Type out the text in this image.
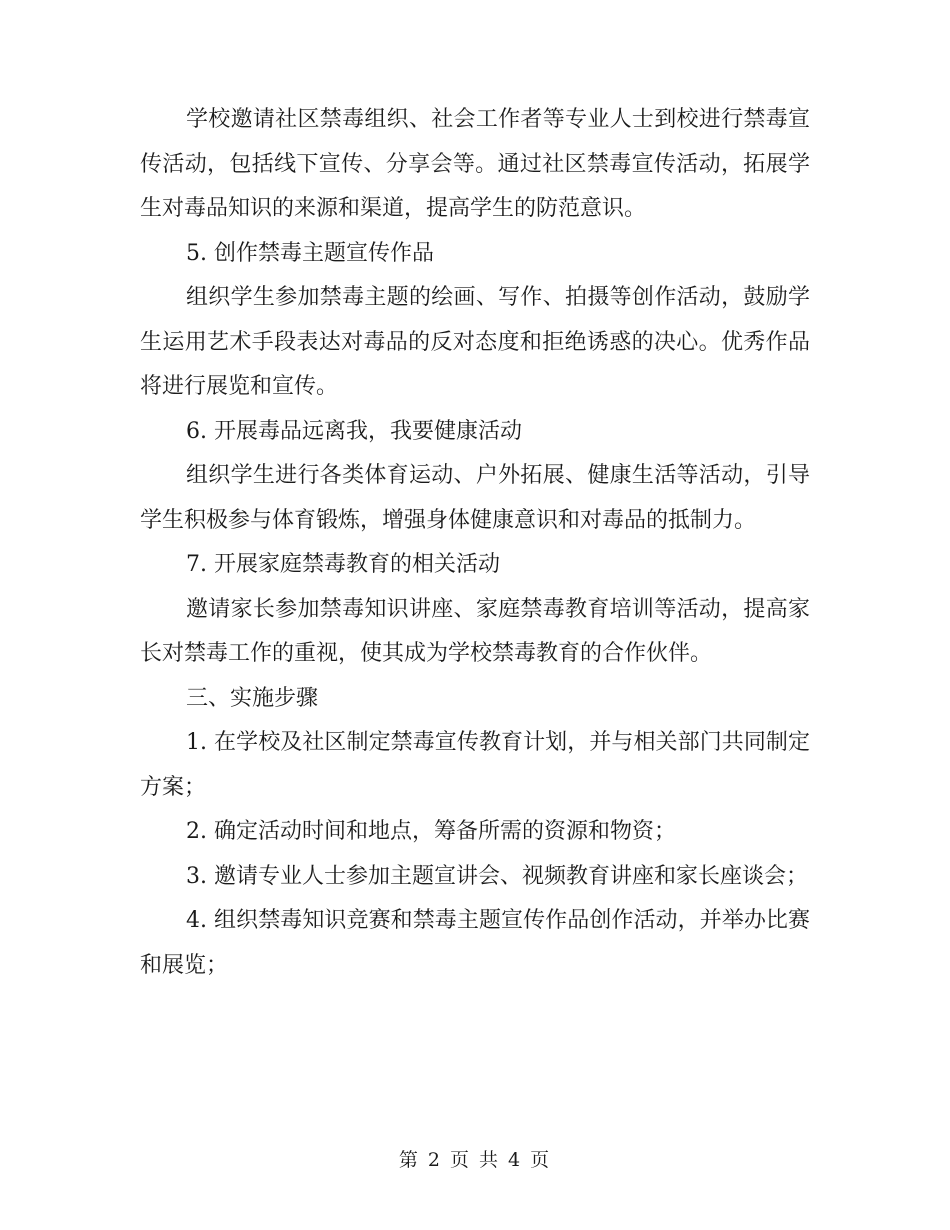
学校邀请社区禁毒组织、社会工作者等专业人士到校进行禁毒宣传活动，包括线下宣传、分享会等。通过社区禁毒宣传活动，拓展学生对毒品知识的来源和渠道，提高学生的防范意识。

5. 创作禁毒主题宣传作品

组织学生参加禁毒主题的绘画、写作、拍摄等创作活动，鼓励学生运用艺术手段表达对毒品的反对态度和拒绝诱惑的决心。优秀作品将进行展览和宣传。

6. 开展毒品远离我，我要健康活动

组织学生进行各类体育运动、户外拓展、健康生活等活动，引导学生积极参与体育锻炼，增强身体健康意识和对毒品的抵制力。

7. 开展家庭禁毒教育的相关活动

邀请家长参加禁毒知识讲座、家庭禁毒教育培训等活动，提高家长对禁毒工作的重视，使其成为学校禁毒教育的合作伙伴。

三、实施步骤

1. 在学校及社区制定禁毒宣传教育计划，并与相关部门共同制定方案；

2. 确定活动时间和地点，筹备所需的资源和物资；

3. 邀请专业人士参加主题宣讲会、视频教育讲座和家长座谈会；

4. 组织禁毒知识竞赛和禁毒主题宣传作品创作活动，并举办比赛和展览；

第 2 页 共 4 页
